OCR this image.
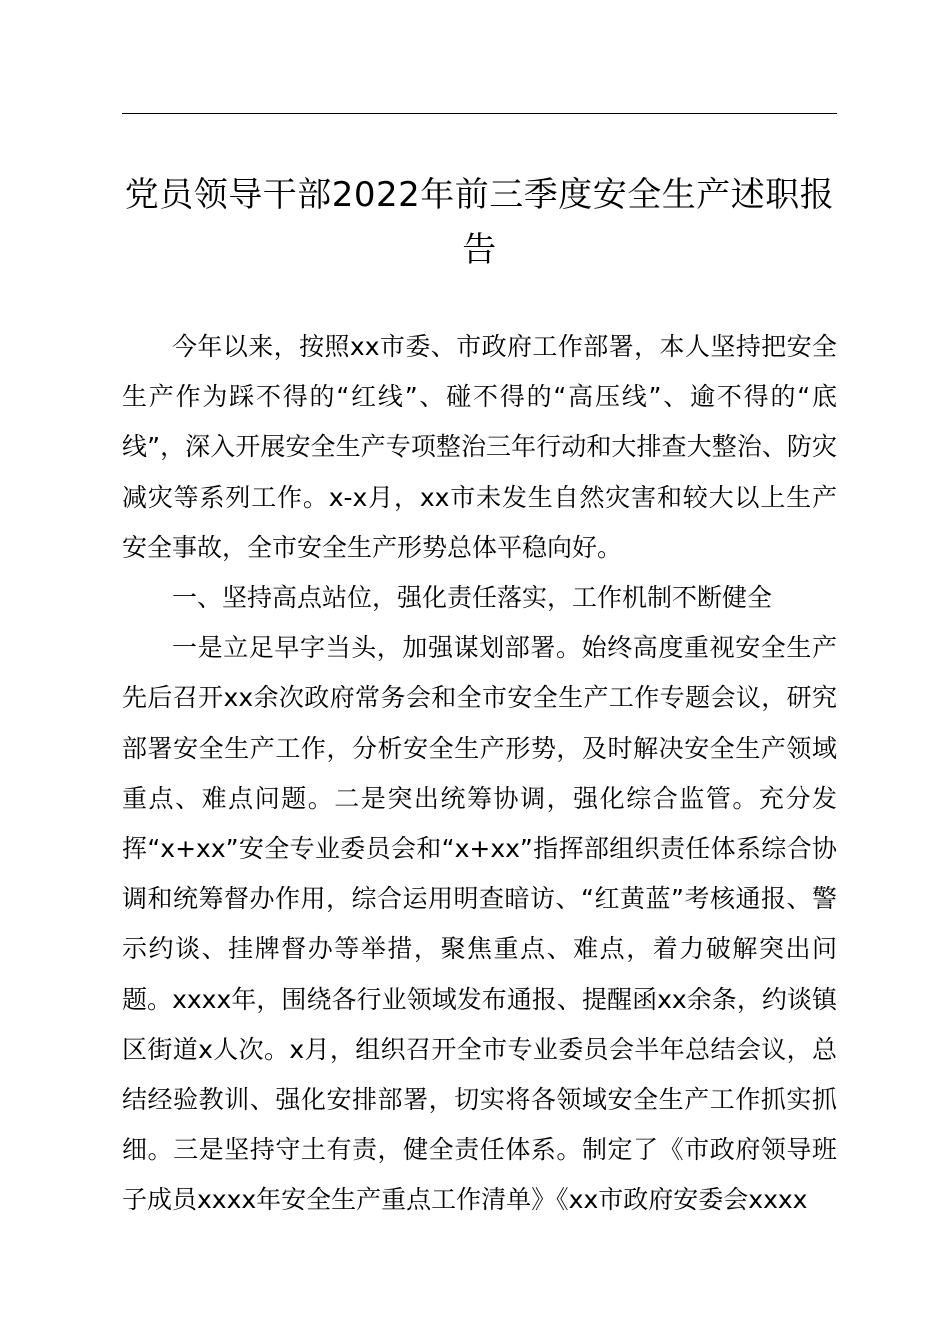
党员领导干部2022年前三季度安全生产述职报告

今年以来，按照xx市委、市政府工作部署，本人坚持把安全生产作为踩不得的“红线”、碰不得的“高压线”、逾不得的“底线”，深入开展安全生产专项整治三年行动和大排查大整治、防灾减灾等系列工作。x-x月，xx市未发生自然灾害和较大以上生产安全事故，全市安全生产形势总体平稳向好。

一、坚持高点站位，强化责任落实，工作机制不断健全

一是立足早字当头，加强谋划部署。始终高度重视安全生产先后召开xx余次政府常务会和全市安全生产工作专题会议，研究部署安全生产工作，分析安全生产形势，及时解决安全生产领域重点、难点问题。二是突出统筹协调，强化综合监管。充分发挥“x+xx”安全专业委员会和“x+xx”指挥部组织责任体系综合协调和统筹督办作用，综合运用明查暗访、“红黄蓝”考核通报、警示约谈、挂牌督办等举措，聚焦重点、难点，着力破解突出问题。xxxx年，围绕各行业领域发布通报、提醒函xx余条，约谈镇区街道x人次。x月，组织召开全市专业委员会半年总结会议，总结经验教训、强化安排部署，切实将各领域安全生产工作抓实抓细。三是坚持守土有责，健全责任体系。制定了《市政府领导班子成员xxxx年安全生产重点工作清单》《xx市政府安委会xxxx
